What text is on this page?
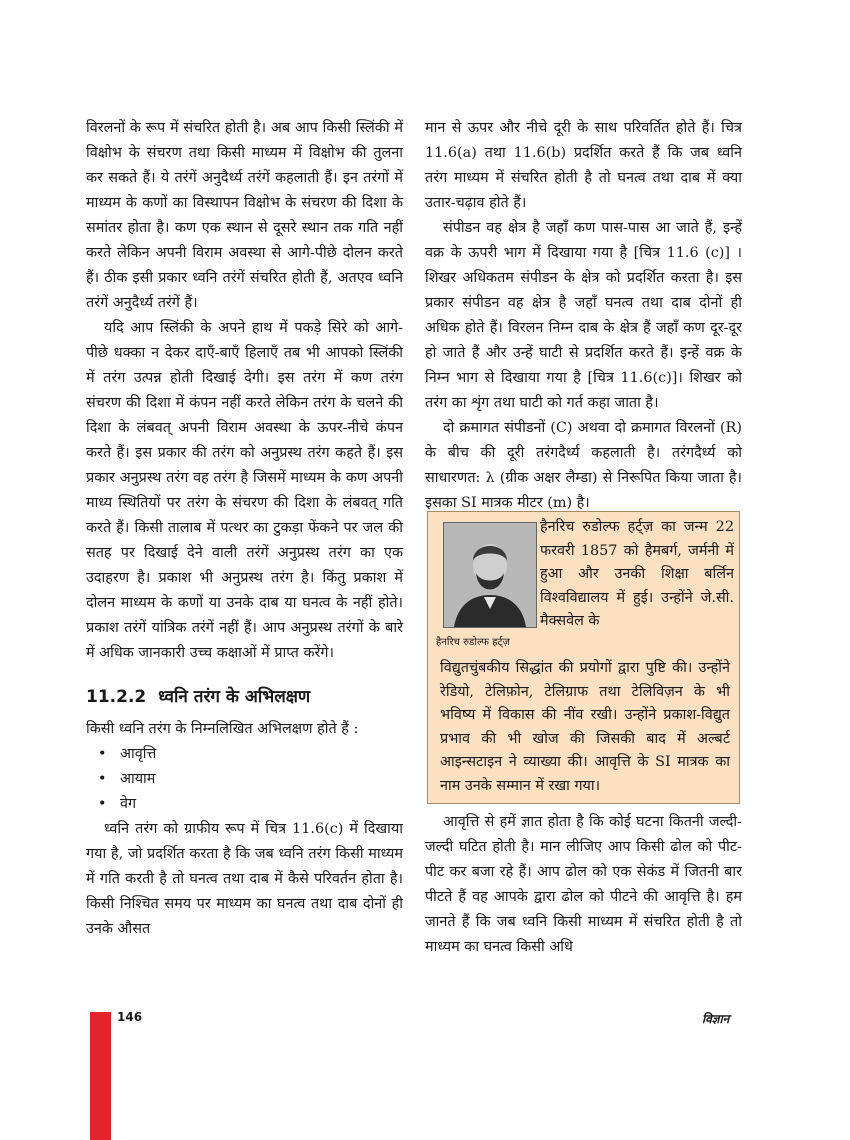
विरलनों के रूप में संचरित होती है। अब आप किसी स्लिंकी में विक्षोभ के संचरण तथा किसी माध्यम में विक्षोभ की तुलना कर सकते हैं। ये तरंगें अनुदैर्ध्य तरंगें कहलाती हैं। इन तरंगों में माध्यम के कणों का विस्थापन विक्षोभ के संचरण की दिशा के समांतर होता है। कण एक स्थान से दूसरे स्थान तक गति नहीं करते लेकिन अपनी विराम अवस्था से आगे-पीछे दोलन करते हैं। ठीक इसी प्रकार ध्वनि तरंगें संचरित होती हैं, अतएव ध्वनि तरंगें अनुदैर्ध्य तरंगें हैं।

यदि आप स्लिंकी के अपने हाथ में पकड़े सिरे को आगे-पीछे धक्का न देकर दाएँ-बाएँ हिलाएँ तब भी आपको स्लिंकी में तरंग उत्पन्न होती दिखाई देगी। इस तरंग में कण तरंग संचरण की दिशा में कंपन नहीं करते लेकिन तरंग के चलने की दिशा के लंबवत् अपनी विराम अवस्था के ऊपर-नीचे कंपन करते हैं। इस प्रकार की तरंग को अनुप्रस्थ तरंग कहते हैं। इस प्रकार अनुप्रस्थ तरंग वह तरंग है जिसमें माध्यम के कण अपनी माध्य स्थितियों पर तरंग के संचरण की दिशा के लंबवत् गति करते हैं। किसी तालाब में पत्थर का टुकड़ा फेंकने पर जल की सतह पर दिखाई देने वाली तरंगें अनुप्रस्थ तरंग का एक उदाहरण है। प्रकाश भी अनुप्रस्थ तरंग है। किंतु प्रकाश में दोलन माध्यम के कणों या उनके दाब या घनत्व के नहीं होते। प्रकाश तरंगें यांत्रिक तरंगें नहीं हैं। आप अनुप्रस्थ तरंगों के बारे में अधिक जानकारी उच्च कक्षाओं में प्राप्त करेंगे।

11.2.2 ध्वनि तरंग के अभिलक्षण

किसी ध्वनि तरंग के निम्नलिखित अभिलक्षण होते हैं :

• आवृत्ति
• आयाम
• वेग

ध्वनि तरंग को ग्राफीय रूप में चित्र 11.6(c) में दिखाया गया है, जो प्रदर्शित करता है कि जब ध्वनि तरंग किसी माध्यम में गति करती है तो घनत्व तथा दाब में कैसे परिवर्तन होता है। किसी निश्चित समय पर माध्यम का घनत्व तथा दाब दोनों ही उनके औसत

मान से ऊपर और नीचे दूरी के साथ परिवर्तित होते हैं। चित्र 11.6(a) तथा 11.6(b) प्रदर्शित करते हैं कि जब ध्वनि तरंग माध्यम में संचरित होती है तो घनत्व तथा दाब में क्या उतार-चढ़ाव होते हैं।

संपीडन वह क्षेत्र है जहाँ कण पास-पास आ जाते हैं, इन्हें वक्र के ऊपरी भाग में दिखाया गया है [चित्र 11.6 (c)] । शिखर अधिकतम संपीडन के क्षेत्र को प्रदर्शित करता है। इस प्रकार संपीडन वह क्षेत्र है जहाँ घनत्व तथा दाब दोनों ही अधिक होते हैं। विरलन निम्न दाब के क्षेत्र हैं जहाँ कण दूर-दूर हो जाते हैं और उन्हें घाटी से प्रदर्शित करते हैं। इन्हें वक्र के निम्न भाग से दिखाया गया है [चित्र 11.6(c)]। शिखर को तरंग का शृंग तथा घाटी को गर्त कहा जाता है।

दो क्रमागत संपीडनों (C) अथवा दो क्रमागत विरलनों (R) के बीच की दूरी तरंगदैर्ध्य कहलाती है। तरंगदैर्ध्य को साधारणत: λ (ग्रीक अक्षर लैम्डा) से निरूपित किया जाता है। इसका SI मात्रक मीटर (m) है।

हैनरिच रुडोल्फ हर्ट्ज़
हैनरिच रुडोल्फ हर्ट्ज़ का जन्म 22 फरवरी 1857 को हैमबर्ग, जर्मनी में हुआ और उनकी शिक्षा बर्लिन विश्वविद्यालय में हुई। उन्होंने जे.सी. मैक्सवेल के
विद्युतचुंबकीय सिद्धांत की प्रयोगों द्वारा पुष्टि की। उन्होंने रेडियो, टेलिफ़ोन, टेलिग्राफ तथा टेलिविज़न के भी भविष्य में विकास की नींव रखी। उन्होंने प्रकाश-विद्युत प्रभाव की भी खोज की जिसकी बाद में अल्बर्ट आइन्सटाइन ने व्याख्या की। आवृत्ति के SI मात्रक का नाम उनके सम्मान में रखा गया।

आवृत्ति से हमें ज्ञात होता है कि कोई घटना कितनी जल्दी-जल्दी घटित होती है। मान लीजिए आप किसी ढोल को पीट-पीट कर बजा रहे हैं। आप ढोल को एक सेकंड में जितनी बार पीटते हैं वह आपके द्वारा ढोल को पीटने की आवृत्ति है। हम जानते हैं कि जब ध्वनि किसी माध्यम में संचरित होती है तो माध्यम का घनत्व किसी अधि

146	विज्ञान
